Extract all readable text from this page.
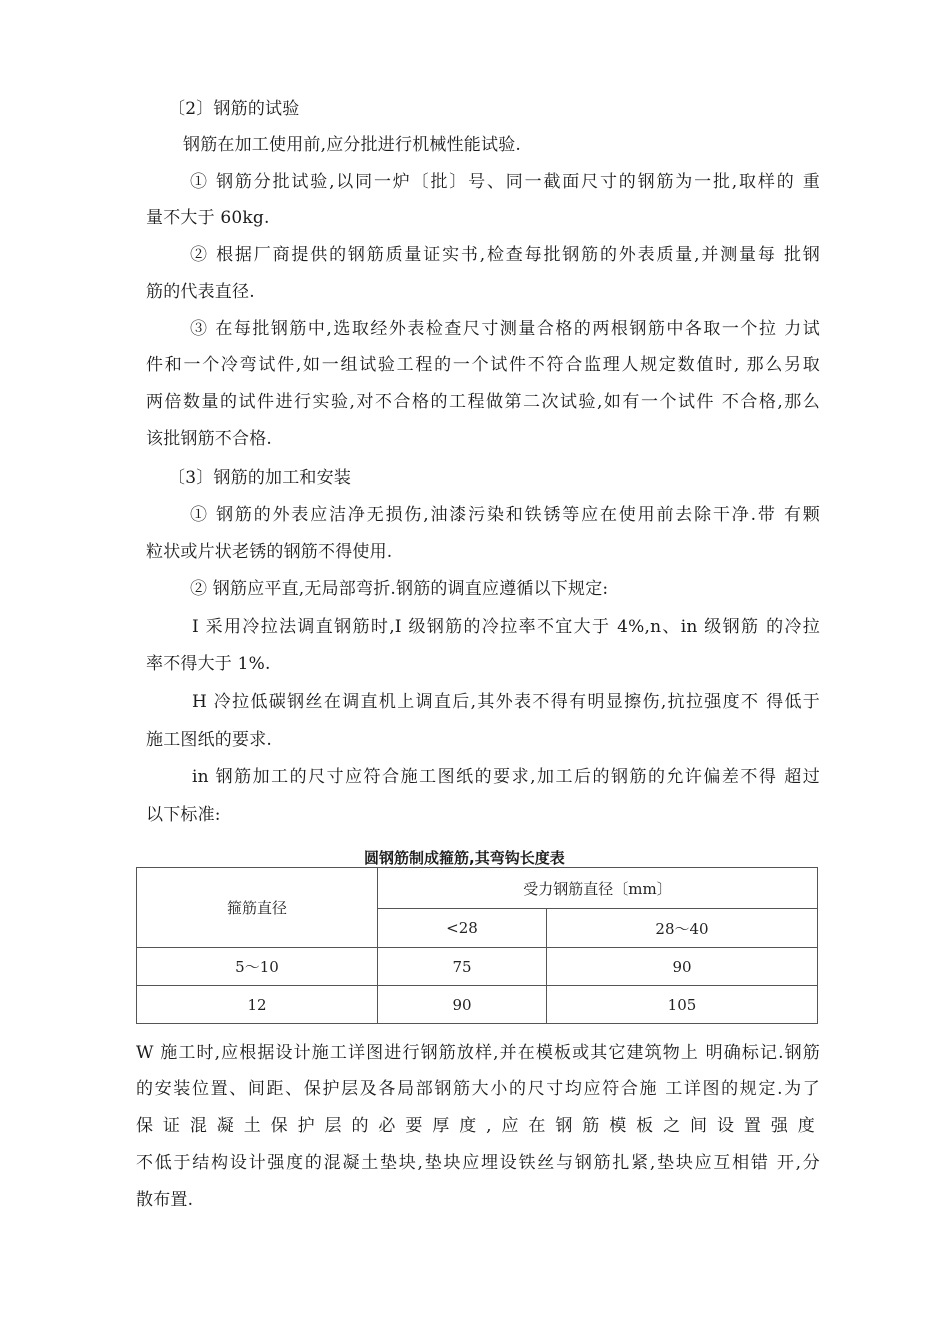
〔2〕钢筋的试验
钢筋在加工使用前,应分批进行机械性能试验.
① 钢筋分批试验,以同一炉〔批〕号、同一截面尺寸的钢筋为一批,取样的 重
量不大于 60kg.
② 根据厂商提供的钢筋质量证实书,检查每批钢筋的外表质量,并测量每 批钢
筋的代表直径.
③ 在每批钢筋中,选取经外表检查尺寸测量合格的两根钢筋中各取一个拉 力试
件和一个冷弯试件,如一组试验工程的一个试件不符合监理人规定数值时, 那么另取
两倍数量的试件进行实验,对不合格的工程做第二次试验,如有一个试件 不合格,那么
该批钢筋不合格.
〔3〕钢筋的加工和安装
① 钢筋的外表应洁净无损伤,油漆污染和铁锈等应在使用前去除干净.带 有颗
粒状或片状老锈的钢筋不得使用.
② 钢筋应平直,无局部弯折.钢筋的调直应遵循以下规定:
I 采用冷拉法调直钢筋时,I 级钢筋的冷拉率不宜大于 4%,n、in 级钢筋 的冷拉
率不得大于 1%.
H 冷拉低碳钢丝在调直机上调直后,其外表不得有明显擦伤,抗拉强度不 得低于
施工图纸的要求.
in 钢筋加工的尺寸应符合施工图纸的要求,加工后的钢筋的允许偏差不得 超过
以下标准:
圆钢筋制成箍筋,其弯钩长度表
箍筋直径	受力钢筋直径〔mm〕	
	<28	28〜40
5〜10	75	90
12	90	105
W 施工时,应根据设计施工详图进行钢筋放样,并在模板或其它建筑物上 明确标记.钢筋
的安装位置、间距、保护层及各局部钢筋大小的尺寸均应符合施 工详图的规定.为了
保证混凝土保护层的必要厚度,应在钢筋模板之间设置强度
不低于结构设计强度的混凝土垫块,垫块应埋设铁丝与钢筋扎紧,垫块应互相错 开,分
散布置.
